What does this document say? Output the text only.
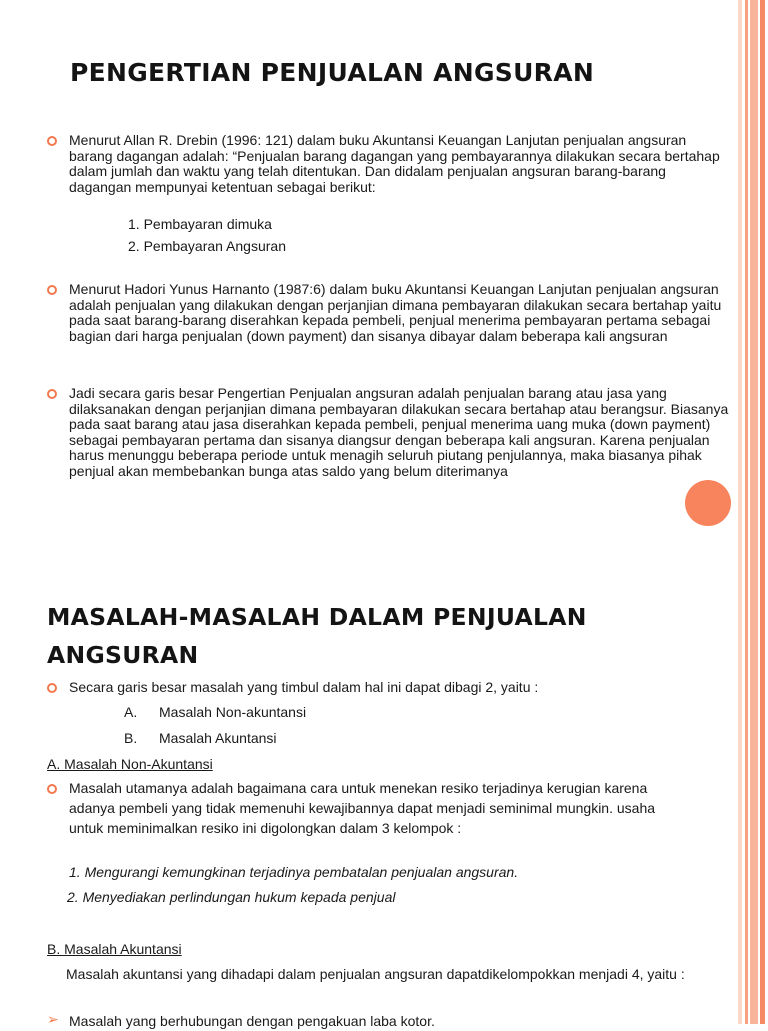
PENGERTIAN PENJUALAN ANGSURAN
Menurut Allan R. Drebin (1996: 121) dalam buku Akuntansi Keuangan Lanjutan penjualan angsuran barang dagangan adalah: “Penjualan barang dagangan yang pembayarannya dilakukan secara bertahap dalam jumlah dan waktu yang telah ditentukan. Dan didalam penjualan angsuran barang-barang dagangan mempunyai ketentuan sebagai berikut:
1. Pembayaran dimuka
2. Pembayaran Angsuran
Menurut Hadori Yunus Harnanto (1987:6) dalam buku Akuntansi Keuangan Lanjutan penjualan angsuran adalah penjualan yang dilakukan dengan perjanjian dimana pembayaran dilakukan secara bertahap yaitu pada saat barang-barang diserahkan kepada pembeli, penjual menerima pembayaran pertama sebagai bagian dari harga penjualan (down payment) dan sisanya dibayar dalam beberapa kali angsuran
Jadi secara garis besar Pengertian Penjualan angsuran adalah penjualan barang atau jasa yang dilaksanakan dengan perjanjian dimana pembayaran dilakukan secara bertahap atau berangsur. Biasanya pada saat barang atau jasa diserahkan kepada pembeli, penjual menerima uang muka (down payment) sebagai pembayaran pertama dan sisanya diangsur dengan beberapa kali angsuran. Karena penjualan harus menunggu beberapa periode untuk menagih seluruh piutang penjulannya, maka biasanya pihak penjual akan membebankan bunga atas saldo yang belum diterimanya
MASALAH-MASALAH DALAM PENJUALAN ANGSURAN
Secara garis besar masalah yang timbul dalam hal ini dapat dibagi 2, yaitu :
A. Masalah Non-akuntansi
B. Masalah Akuntansi
A. Masalah Non-Akuntansi
Masalah utamanya adalah bagaimana cara untuk menekan resiko terjadinya kerugian karena adanya pembeli yang tidak memenuhi kewajibannya dapat menjadi seminimal mungkin. usaha untuk meminimalkan resiko ini digolongkan dalam 3 kelompok :
1. Mengurangi kemungkinan terjadinya pembatalan penjualan angsuran.
2. Menyediakan perlindungan hukum kepada penjual
B. Masalah Akuntansi
Masalah akuntansi yang dihadapi dalam penjualan angsuran dapatdikelompokkan menjadi 4, yaitu :
➢ Masalah yang berhubungan dengan pengakuan laba kotor.
